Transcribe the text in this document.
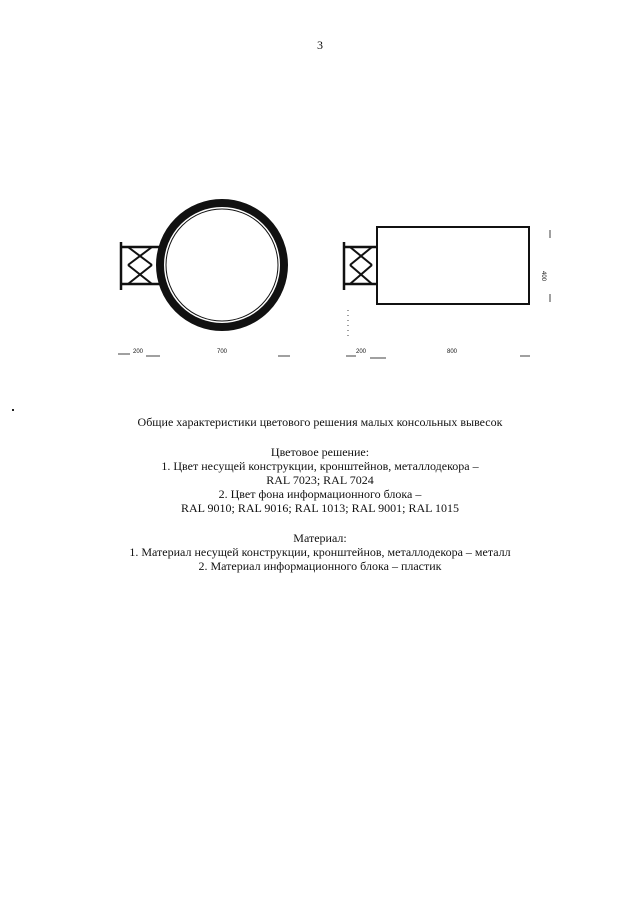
3
200	700	200	800
400
Общие характеристики цветового решения малых консольных вывесок
Цветовое решение:
1. Цвет несущей конструкции, кронштейнов, металлодекора –
RAL 7023; RAL 7024
2. Цвет фона информационного блока –
RAL 9010; RAL 9016; RAL 1013; RAL 9001; RAL 1015
Материал:
1. Материал несущей конструкции, кронштейнов, металлодекора – металл
2. Материал информационного блока – пластик
